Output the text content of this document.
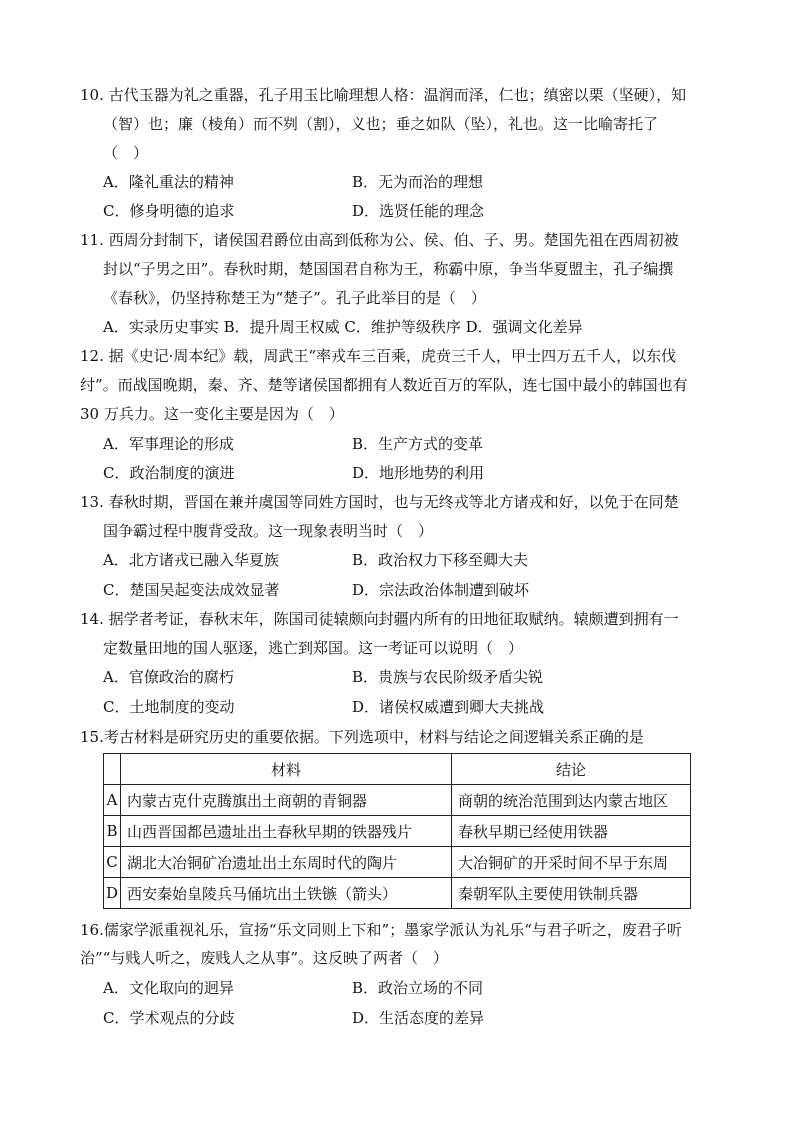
10. 古代玉器为礼之重器，孔子用玉比喻理想人格：温润而泽，仁也；缜密以栗（坚硬），知
（智）也；廉（棱角）而不刿（割），义也；垂之如队（坠），礼也。这一比喻寄托了
（　）
A．隆礼重法的精神	B．无为而治的理想
C．修身明德的追求	D．选贤任能的理念
11. 西周分封制下，诸侯国君爵位由高到低称为公、侯、伯、子、男。楚国先祖在西周初被
封以“子男之田”。春秋时期，楚国国君自称为王，称霸中原，争当华夏盟主，孔子编撰
《春秋》，仍坚持称楚王为“楚子”。孔子此举目的是（　）
A．实录历史事实 B．提升周王权威 C．维护等级秩序 D．强调文化差异
12. 据《史记·周本纪》载，周武王“率戎车三百乘，虎贲三千人，甲士四万五千人，以东伐
纣”。而战国晚期，秦、齐、楚等诸侯国都拥有人数近百万的军队，连七国中最小的韩国也有
30 万兵力。这一变化主要是因为（　）
A．军事理论的形成	B．生产方式的变革
C．政治制度的演进	D．地形地势的利用
13. 春秋时期，晋国在兼并虞国等同姓方国时，也与无终戎等北方诸戎和好，以免于在同楚
国争霸过程中腹背受敌。这一现象表明当时（　）
A．北方诸戎已融入华夏族	B．政治权力下移至卿大夫
C．楚国吴起变法成效显著	D．宗法政治体制遭到破坏
14. 据学者考证，春秋末年，陈国司徒辕颇向封疆内所有的田地征取赋纳。辕颇遭到拥有一
定数量田地的国人驱逐，逃亡到郑国。这一考证可以说明（　）
A．官僚政治的腐朽	B．贵族与农民阶级矛盾尖锐
C．土地制度的变动	D．诸侯权威遭到卿大夫挑战
15.考古材料是研究历史的重要依据。下列选项中，材料与结论之间逻辑关系正确的是
	材料	结论
A	内蒙古克什克腾旗出土商朝的青铜器	商朝的统治范围到达内蒙古地区
B	山西晋国都邑遗址出土春秋早期的铁器残片	春秋早期已经使用铁器
C	湖北大冶铜矿冶遗址出土东周时代的陶片	大冶铜矿的开采时间不早于东周
D	西安秦始皇陵兵马俑坑出土铁镞（箭头）	秦朝军队主要使用铁制兵器
16.儒家学派重视礼乐，宣扬“乐文同则上下和”；墨家学派认为礼乐“与君子听之，废君子听
治”“与贱人听之，废贱人之从事”。这反映了两者（　）
A．文化取向的迥异	B．政治立场的不同
C．学术观点的分歧	D．生活态度的差异
